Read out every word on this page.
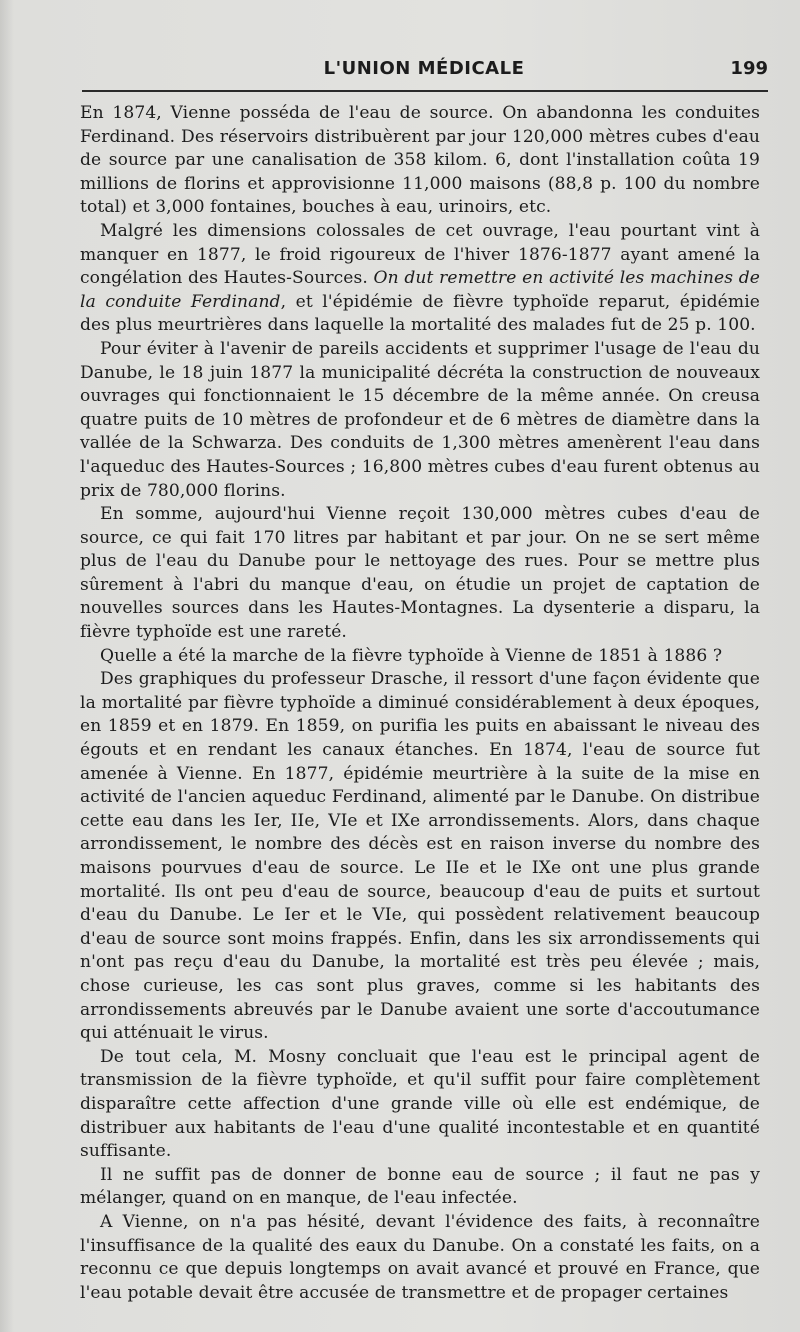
L'UNION MÉDICALE	199

En 1874, Vienne posséda de l'eau de source. On abandonna les conduites Ferdinand. Des réservoirs distribuèrent par jour 120,000 mètres cubes d'eau de source par une canalisation de 358 kilom. 6, dont l'installation coûta 19 millions de florins et approvisionne 11,000 maisons (88,8 p. 100 du nombre total) et 3,000 fontaines, bouches à eau, urinoirs, etc.

Malgré les dimensions colossales de cet ouvrage, l'eau pourtant vint à manquer en 1877, le froid rigoureux de l'hiver 1876-1877 ayant amené la congélation des Hautes-Sources. On dut remettre en activité les machines de la conduite Ferdinand, et l'épidémie de fièvre typhoïde reparut, épidémie des plus meurtrières dans laquelle la mortalité des malades fut de 25 p. 100.

Pour éviter à l'avenir de pareils accidents et supprimer l'usage de l'eau du Danube, le 18 juin 1877 la municipalité décréta la construction de nouveaux ouvrages qui fonctionnaient le 15 décembre de la même année. On creusa quatre puits de 10 mètres de profondeur et de 6 mètres de diamètre dans la vallée de la Schwarza. Des conduits de 1,300 mètres amenèrent l'eau dans l'aqueduc des Hautes-Sources ; 16,800 mètres cubes d'eau furent obtenus au prix de 780,000 florins.

En somme, aujourd'hui Vienne reçoit 130,000 mètres cubes d'eau de source, ce qui fait 170 litres par habitant et par jour. On ne se sert même plus de l'eau du Danube pour le nettoyage des rues. Pour se mettre plus sûrement à l'abri du manque d'eau, on étudie un projet de captation de nouvelles sources dans les Hautes-Montagnes. La dysenterie a disparu, la fièvre typhoïde est une rareté.

Quelle a été la marche de la fièvre typhoïde à Vienne de 1851 à 1886 ?

Des graphiques du professeur Drasche, il ressort d'une façon évidente que la mortalité par fièvre typhoïde a diminué considérablement à deux époques, en 1859 et en 1879. En 1859, on purifia les puits en abaissant le niveau des égouts et en rendant les canaux étanches. En 1874, l'eau de source fut amenée à Vienne. En 1877, épidémie meurtrière à la suite de la mise en activité de l'ancien aqueduc Ferdinand, alimenté par le Danube. On distribue cette eau dans les Ier, IIe, VIe et IXe arrondissements. Alors, dans chaque arrondissement, le nombre des décès est en raison inverse du nombre des maisons pourvues d'eau de source. Le IIe et le IXe ont une plus grande mortalité. Ils ont peu d'eau de source, beaucoup d'eau de puits et surtout d'eau du Danube. Le Ier et le VIe, qui possèdent relativement beaucoup d'eau de source sont moins frappés. Enfin, dans les six arrondissements qui n'ont pas reçu d'eau du Danube, la mortalité est très peu élevée ; mais, chose curieuse, les cas sont plus graves, comme si les habitants des arrondissements abreuvés par le Danube avaient une sorte d'accoutumance qui atténuait le virus.

De tout cela, M. Mosny concluait que l'eau est le principal agent de transmission de la fièvre typhoïde, et qu'il suffit pour faire complètement disparaître cette affection d'une grande ville où elle est endémique, de distribuer aux habitants de l'eau d'une qualité incontestable et en quantité suffisante.

Il ne suffit pas de donner de bonne eau de source ; il faut ne pas y mélanger, quand on en manque, de l'eau infectée.

A Vienne, on n'a pas hésité, devant l'évidence des faits, à reconnaître l'insuffisance de la qualité des eaux du Danube. On a constaté les faits, on a reconnu ce que depuis longtemps on avait avancé et prouvé en France, que l'eau potable devait être accusée de transmettre et de propager certaines
